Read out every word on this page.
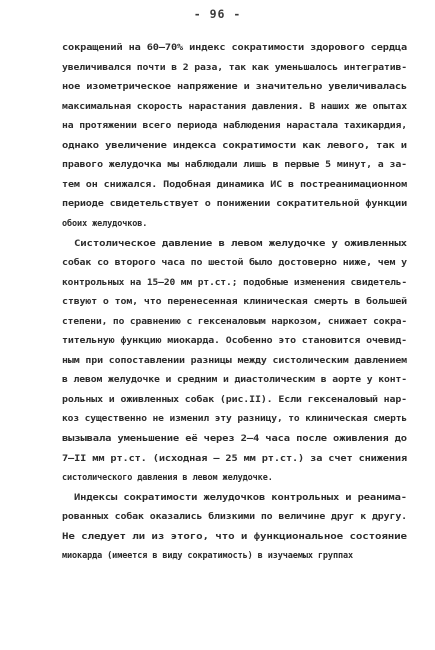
- 96 -
сокращений на 60–70% индекс сократимости здорового сердца
увеличивался почти в 2 раза, так как уменьшалось интегратив-
ное изометрическое напряжение и значительно увеличивалась
максимальная скорость нарастания давления. В наших же опытах
на протяжении всего периода наблюдения нарастала тахикардия,
однако увеличение индекса сократимости как левого, так и
правого желудочка мы наблюдали лишь в первые 5 минут, а за-
тем он снижался. Подобная динамика ИС в постреанимационном
периоде свидетельствует о понижении сократительной функции
обоих желудочков.
Систолическое давление в левом желудочке у оживленных
собак со второго часа по шестой было достоверно ниже, чем у
контрольных на 15–20 мм рт.ст.; подобные изменения свидетель-
ствуют о том, что перенесенная клиническая смерть в большей
степени, по сравнению с гексеналовым наркозом, снижает сокра-
тительную функцию миокарда. Особенно это становится очевид-
ным при сопоставлении разницы между систолическим давлением
в левом желудочке и средним и диастолическим в аорте у конт-
рольных и оживленных собак (рис.II). Если гексеналовый нар-
коз существенно не изменил эту разницу, то клиническая смерть
вызывала уменьшение её через 2–4 часа после оживления до
7–II мм рт.ст. (исходная – 25 мм рт.ст.) за счет снижения
систолического давления в левом желудочке.
Индексы сократимости желудочков контрольных и реанима-
рованных собак оказались близкими по величине друг к другу.
Не следует ли из этого, что и функциональное состояние
миокарда (имеется в виду сократимость) в изучаемых группах
